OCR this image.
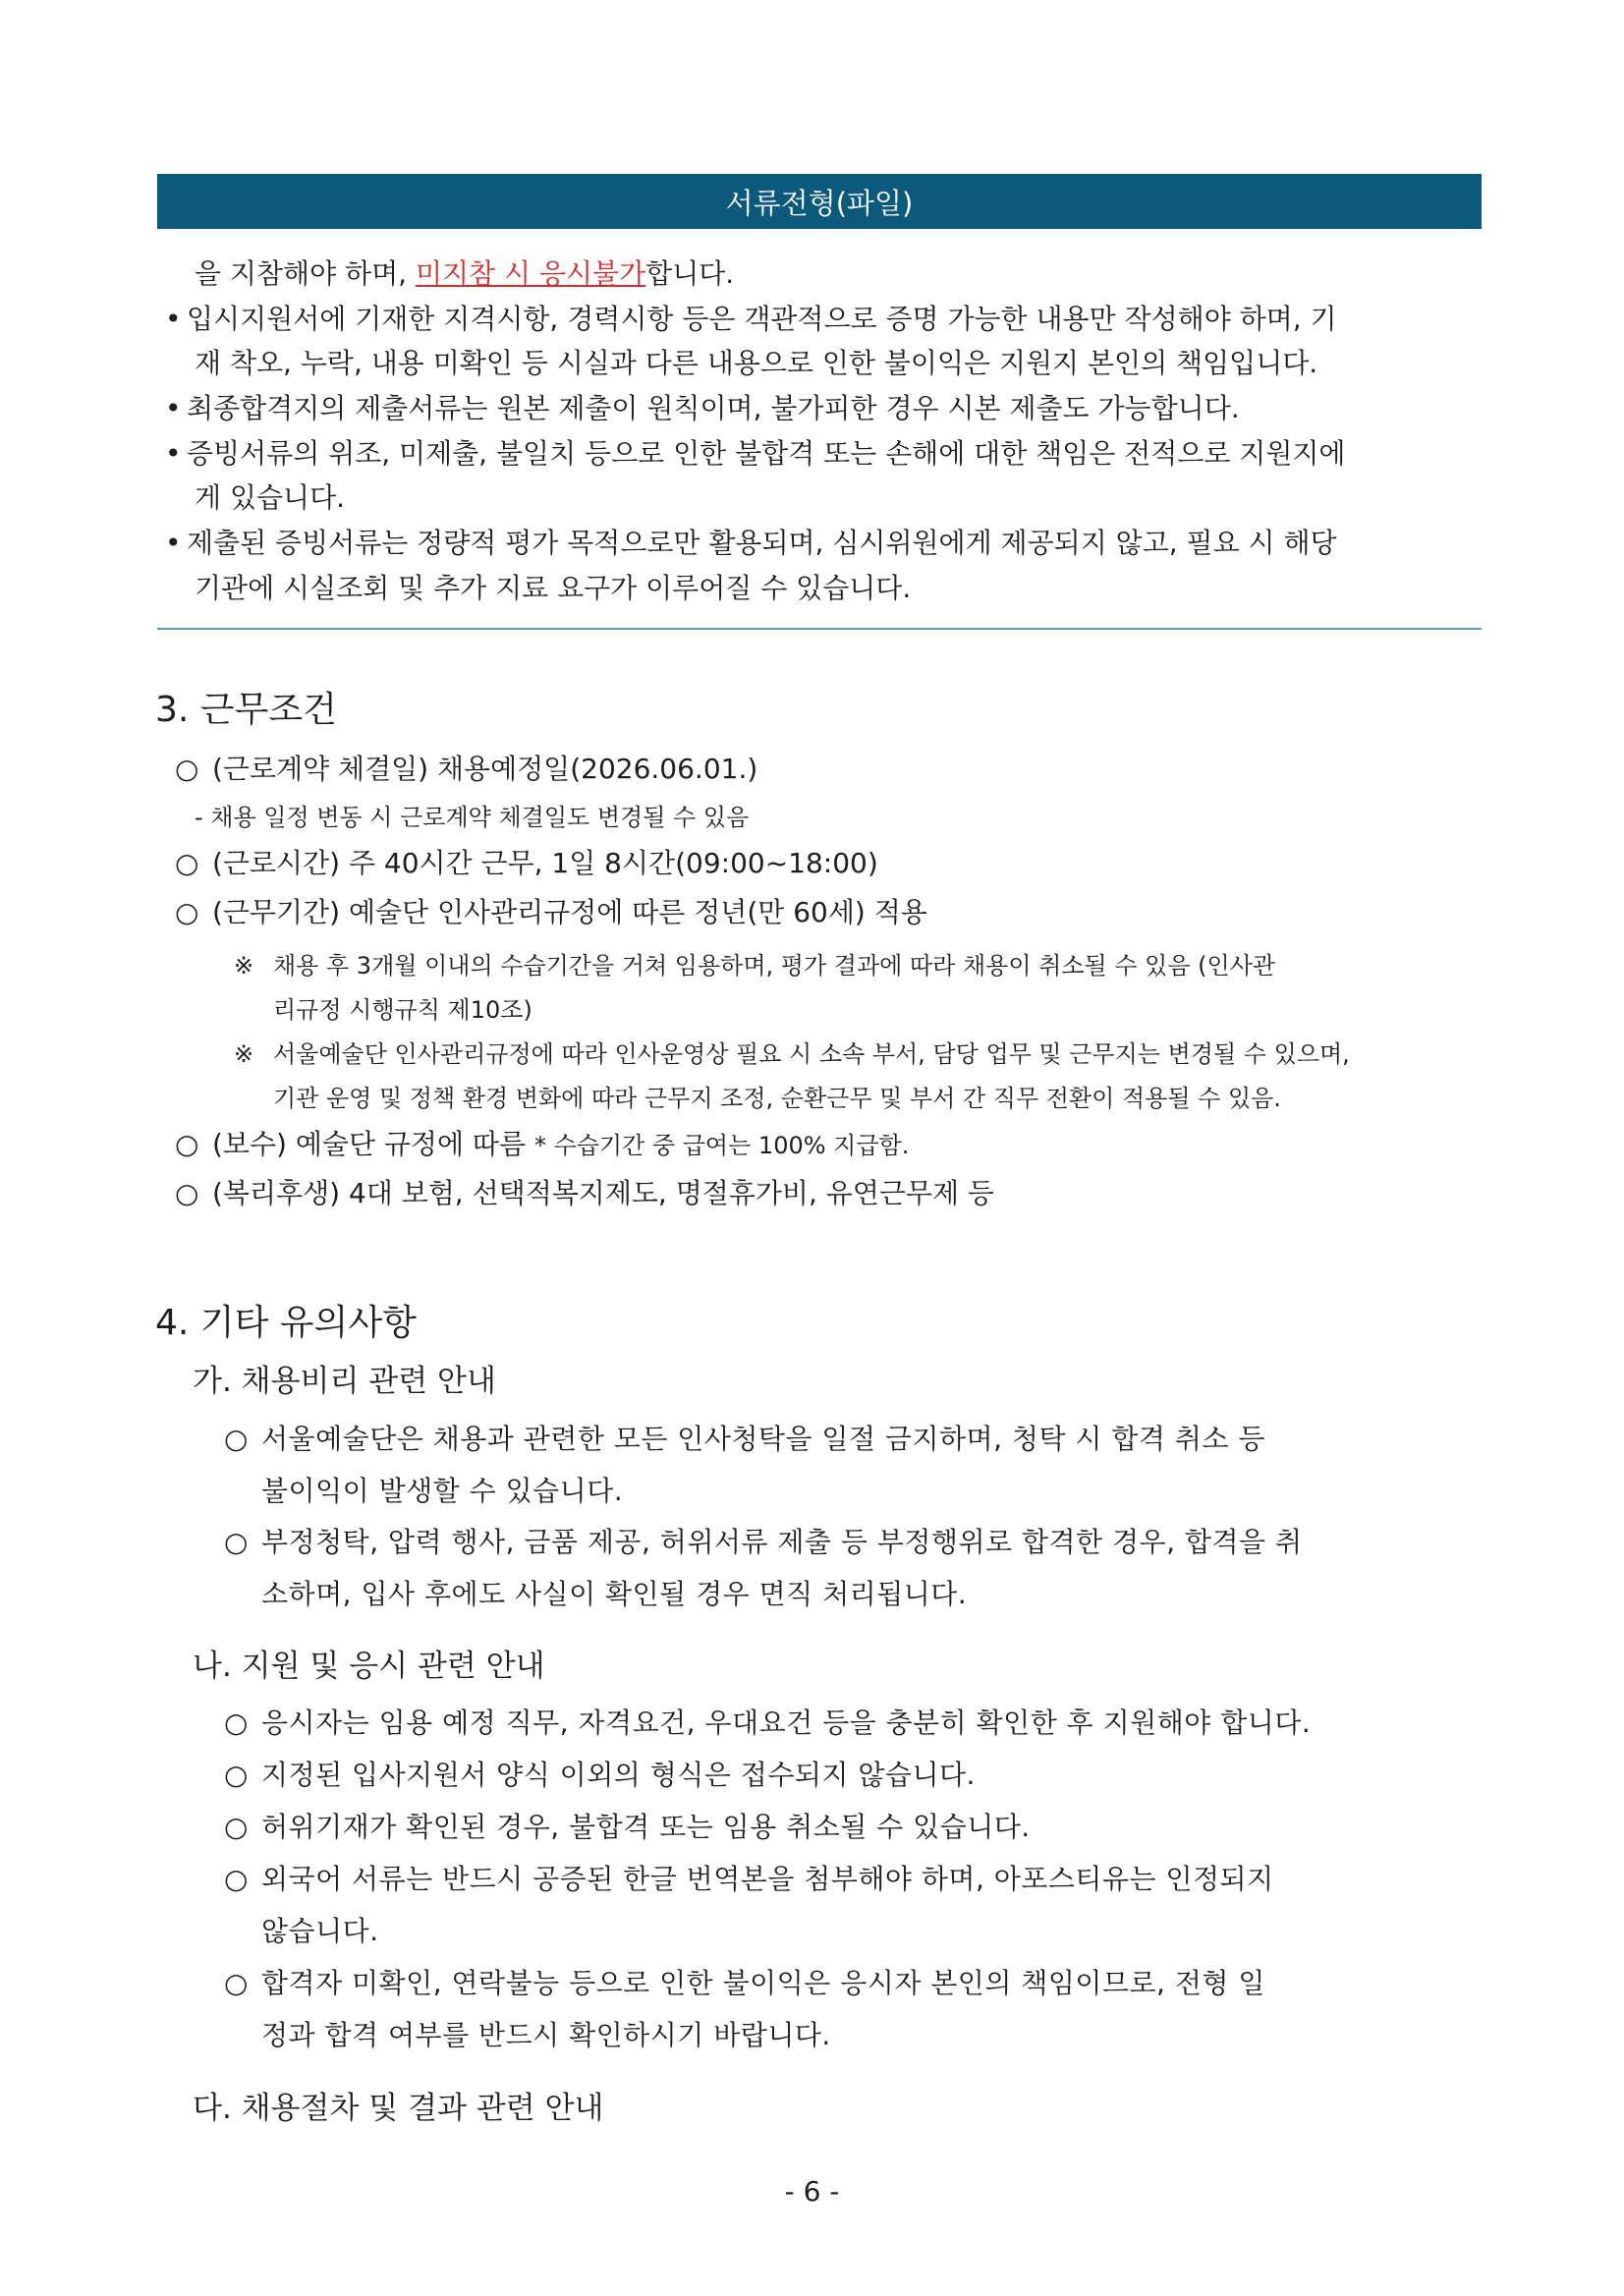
서류전형(파일)
을 지참해야 하며, 미지참 시 응시불가합니다.
• 입시지원서에 기재한 지격시항, 경력시항 등은 객관적으로 증명 가능한 내용만 작성해야 하며, 기
재 착오, 누락, 내용 미확인 등 시실과 다른 내용으로 인한 불이익은 지원지 본인의 책임입니다.
• 최종합격지의 제출서류는 원본 제출이 원칙이며, 불가피한 경우 시본 제출도 가능합니다.
• 증빙서류의 위조, 미제출, 불일치 등으로 인한 불합격 또는 손해에 대한 책임은 전적으로 지원지에
게 있습니다.
• 제출된 증빙서류는 정량적 평가 목적으로만 활용되며, 심시위원에게 제공되지 않고, 필요 시 해당
기관에 시실조회 및 추가 지료 요구가 이루어질 수 있습니다.
3. 근무조건
○ (근로계약 체결일) 채용예정일(2026.06.01.)
- 채용 일정 변동 시 근로계약 체결일도 변경될 수 있음
○ (근로시간) 주 40시간 근무, 1일 8시간(09:00~18:00)
○ (근무기간) 예술단 인사관리규정에 따른 정년(만 60세) 적용
※ 채용 후 3개월 이내의 수습기간을 거쳐 임용하며, 평가 결과에 따라 채용이 취소될 수 있음 (인사관
리규정 시행규칙 제10조)
※ 서울예술단 인사관리규정에 따라 인사운영상 필요 시 소속 부서, 담당 업무 및 근무지는 변경될 수 있으며,
기관 운영 및 정책 환경 변화에 따라 근무지 조정, 순환근무 및 부서 간 직무 전환이 적용될 수 있음.
○ (보수) 예술단 규정에 따름 * 수습기간 중 급여는 100% 지급함.
○ (복리후생) 4대 보험, 선택적복지제도, 명절휴가비, 유연근무제 등
4. 기타 유의사항
가. 채용비리 관련 안내
○ 서울예술단은 채용과 관련한 모든 인사청탁을 일절 금지하며, 청탁 시 합격 취소 등
불이익이 발생할 수 있습니다.
○ 부정청탁, 압력 행사, 금품 제공, 허위서류 제출 등 부정행위로 합격한 경우, 합격을 취
소하며, 입사 후에도 사실이 확인될 경우 면직 처리됩니다.
나. 지원 및 응시 관련 안내
○ 응시자는 임용 예정 직무, 자격요건, 우대요건 등을 충분히 확인한 후 지원해야 합니다.
○ 지정된 입사지원서 양식 이외의 형식은 접수되지 않습니다.
○ 허위기재가 확인된 경우, 불합격 또는 임용 취소될 수 있습니다.
○ 외국어 서류는 반드시 공증된 한글 번역본을 첨부해야 하며, 아포스티유는 인정되지
않습니다.
○ 합격자 미확인, 연락불능 등으로 인한 불이익은 응시자 본인의 책임이므로, 전형 일
정과 합격 여부를 반드시 확인하시기 바랍니다.
다. 채용절차 및 결과 관련 안내
- 6 -
